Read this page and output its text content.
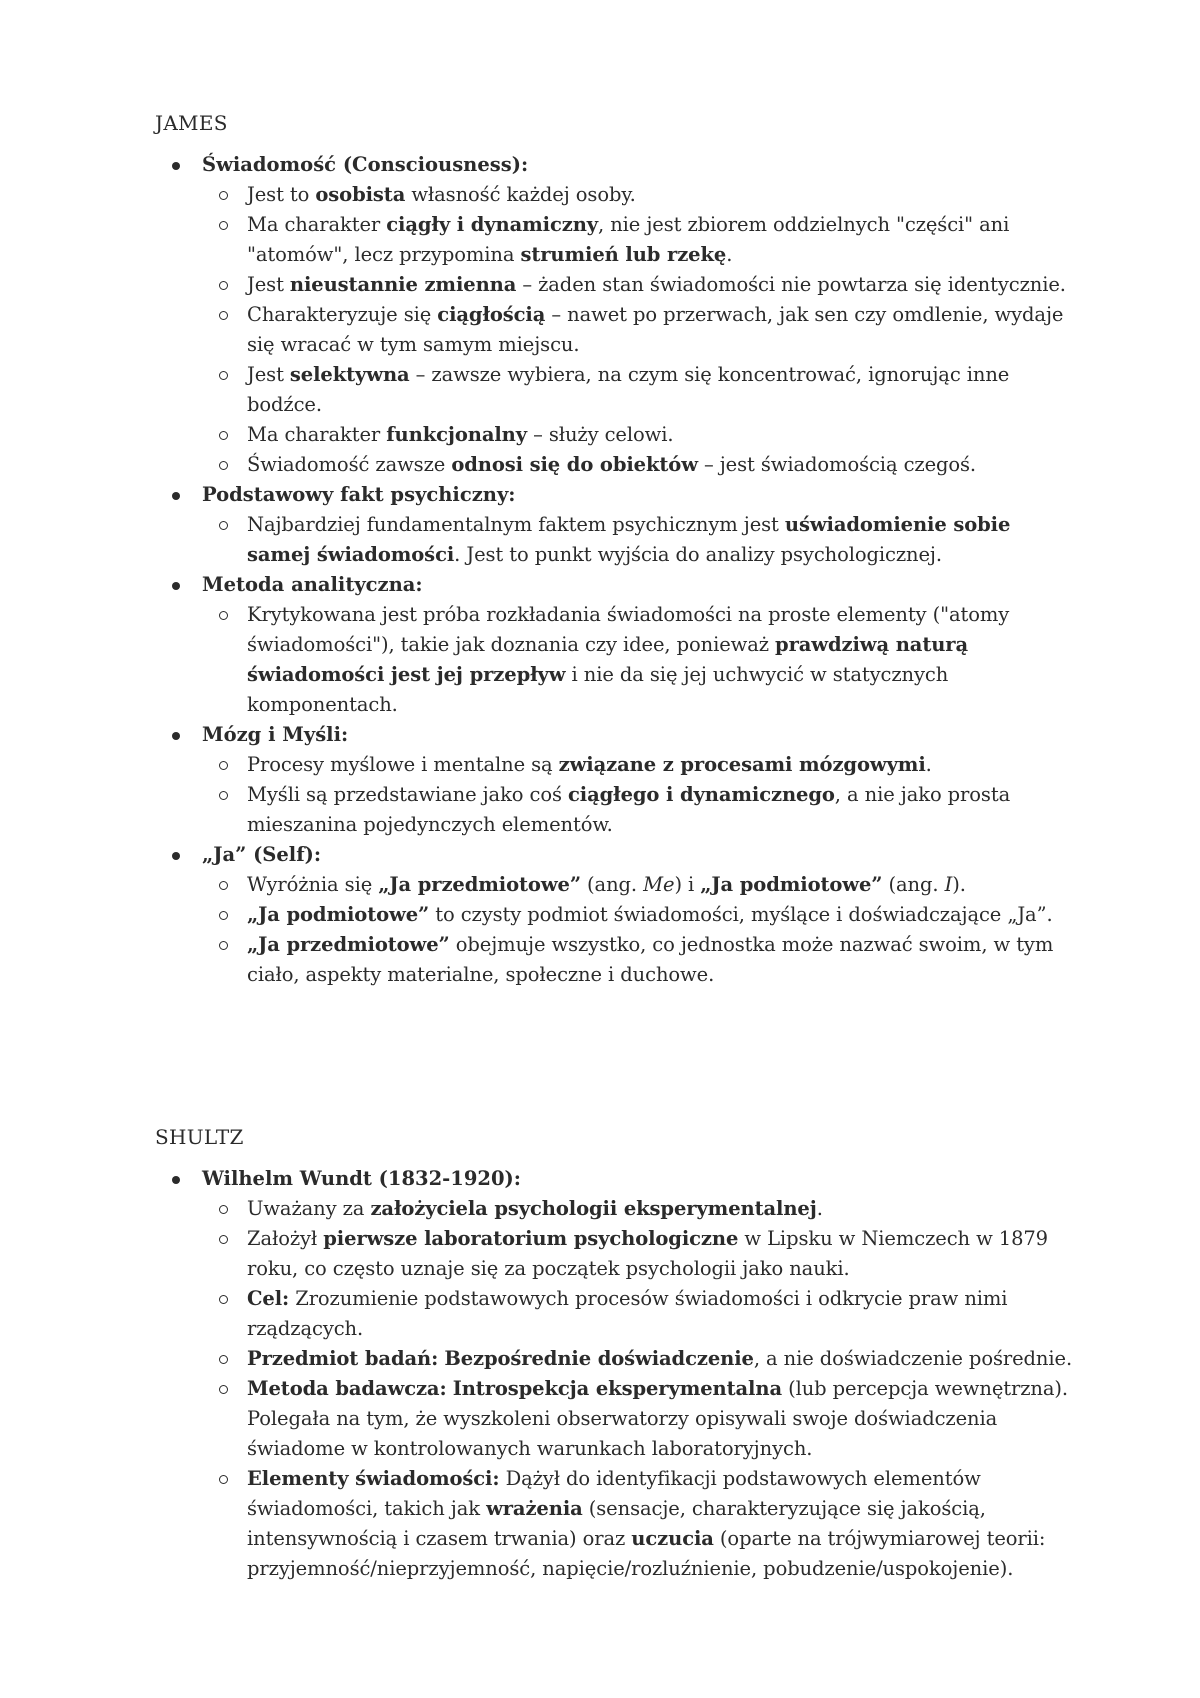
JAMES
Świadomość (Consciousness):
Jest to osobista własność każdej osoby.
Ma charakter ciągły i dynamiczny, nie jest zbiorem oddzielnych "części" ani "atomów", lecz przypomina strumień lub rzekę.
Jest nieustannie zmienna – żaden stan świadomości nie powtarza się identycznie.
Charakteryzuje się ciągłością – nawet po przerwach, jak sen czy omdlenie, wydaje się wracać w tym samym miejscu.
Jest selektywna – zawsze wybiera, na czym się koncentrować, ignorując inne bodźce.
Ma charakter funkcjonalny – służy celowi.
Świadomość zawsze odnosi się do obiektów – jest świadomością czegoś.
Podstawowy fakt psychiczny:
Najbardziej fundamentalnym faktem psychicznym jest uświadomienie sobie samej świadomości. Jest to punkt wyjścia do analizy psychologicznej.
Metoda analityczna:
Krytykowana jest próba rozkładania świadomości na proste elementy ("atomy świadomości"), takie jak doznania czy idee, ponieważ prawdziwą naturą świadomości jest jej przepływ i nie da się jej uchwycić w statycznych komponentach.
Mózg i Myśli:
Procesy myślowe i mentalne są związane z procesami mózgowymi.
Myśli są przedstawiane jako coś ciągłego i dynamicznego, a nie jako prosta mieszanina pojedynczych elementów.
„Ja” (Self):
Wyróżnia się „Ja przedmiotowe” (ang. Me) i „Ja podmiotowe” (ang. I).
„Ja podmiotowe” to czysty podmiot świadomości, myślące i doświadczające „Ja”.
„Ja przedmiotowe” obejmuje wszystko, co jednostka może nazwać swoim, w tym ciało, aspekty materialne, społeczne i duchowe.
SHULTZ
Wilhelm Wundt (1832-1920):
Uważany za założyciela psychologii eksperymentalnej.
Założył pierwsze laboratorium psychologiczne w Lipsku w Niemczech w 1879 roku, co często uznaje się za początek psychologii jako nauki.
Cel: Zrozumienie podstawowych procesów świadomości i odkrycie praw nimi rządzących.
Przedmiot badań: Bezpośrednie doświadczenie, a nie doświadczenie pośrednie.
Metoda badawcza: Introspekcja eksperymentalna (lub percepcja wewnętrzna). Polegała na tym, że wyszkoleni obserwatorzy opisywali swoje doświadczenia świadome w kontrolowanych warunkach laboratoryjnych.
Elementy świadomości: Dążył do identyfikacji podstawowych elementów świadomości, takich jak wrażenia (sensacje, charakteryzujące się jakością, intensywnością i czasem trwania) oraz uczucia (oparte na trójwymiarowej teorii: przyjemność/nieprzyjemność, napięcie/rozluźnienie, pobudzenie/uspokojenie).
